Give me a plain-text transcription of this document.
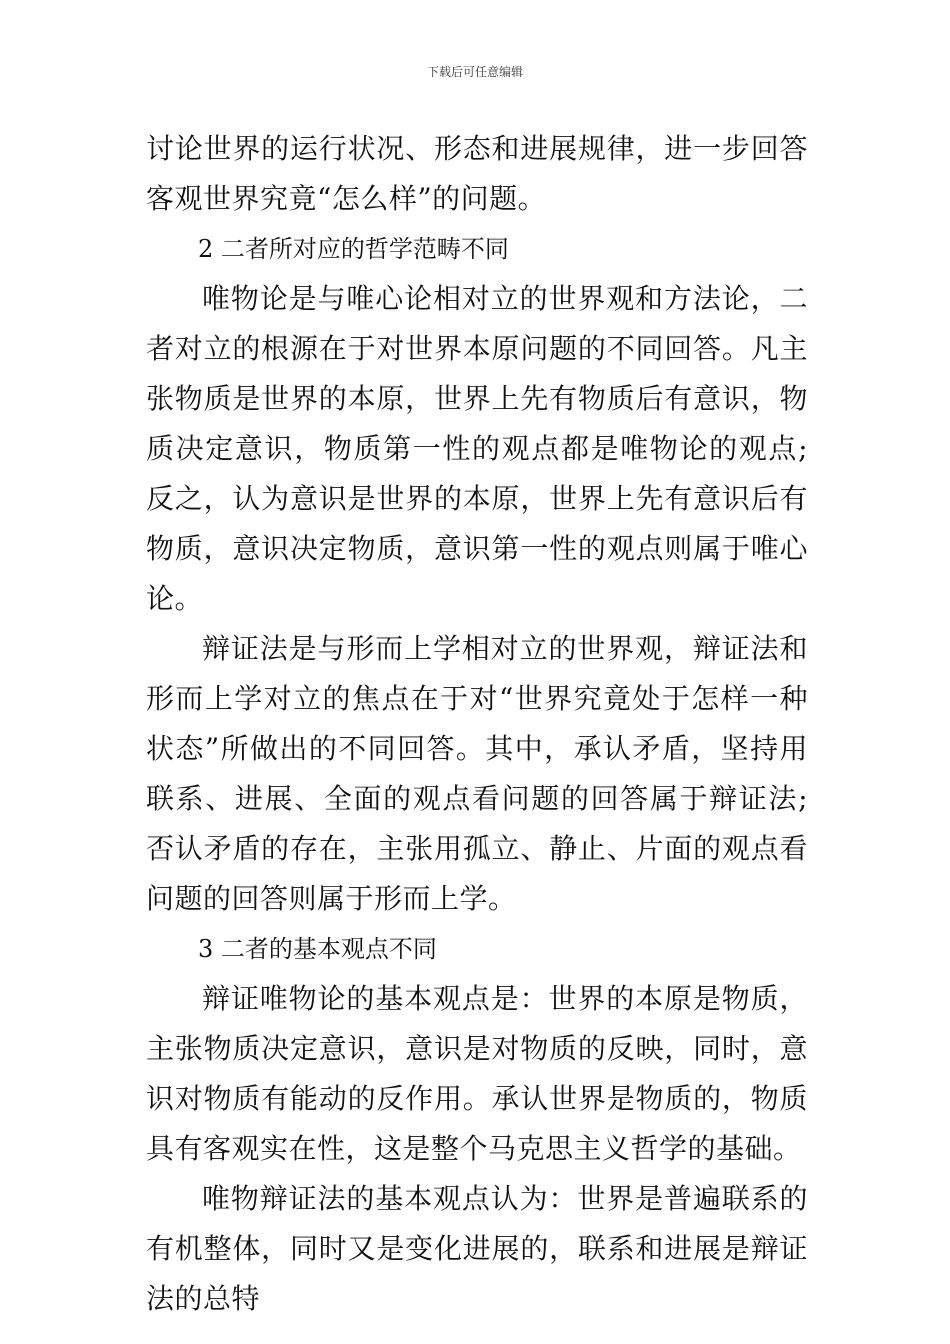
下载后可任意编辑

讨论世界的运行状况、形态和进展规律，进一步回答客观世界究竟“怎么样”的问题。

2 二者所对应的哲学范畴不同

唯物论是与唯心论相对立的世界观和方法论，二者对立的根源在于对世界本原问题的不同回答。凡主张物质是世界的本原，世界上先有物质后有意识，物质决定意识，物质第一性的观点都是唯物论的观点;反之，认为意识是世界的本原，世界上先有意识后有物质，意识决定物质，意识第一性的观点则属于唯心论。

辩证法是与形而上学相对立的世界观，辩证法和形而上学对立的焦点在于对“世界究竟处于怎样一种状态”所做出的不同回答。其中，承认矛盾，坚持用联系、进展、全面的观点看问题的回答属于辩证法;否认矛盾的存在，主张用孤立、静止、片面的观点看问题的回答则属于形而上学。

3 二者的基本观点不同

辩证唯物论的基本观点是：世界的本原是物质，主张物质决定意识，意识是对物质的反映，同时，意识对物质有能动的反作用。承认世界是物质的，物质具有客观实在性，这是整个马克思主义哲学的基础。

唯物辩证法的基本观点认为：世界是普遍联系的有机整体，同时又是变化进展的，联系和进展是辩证法的总特
